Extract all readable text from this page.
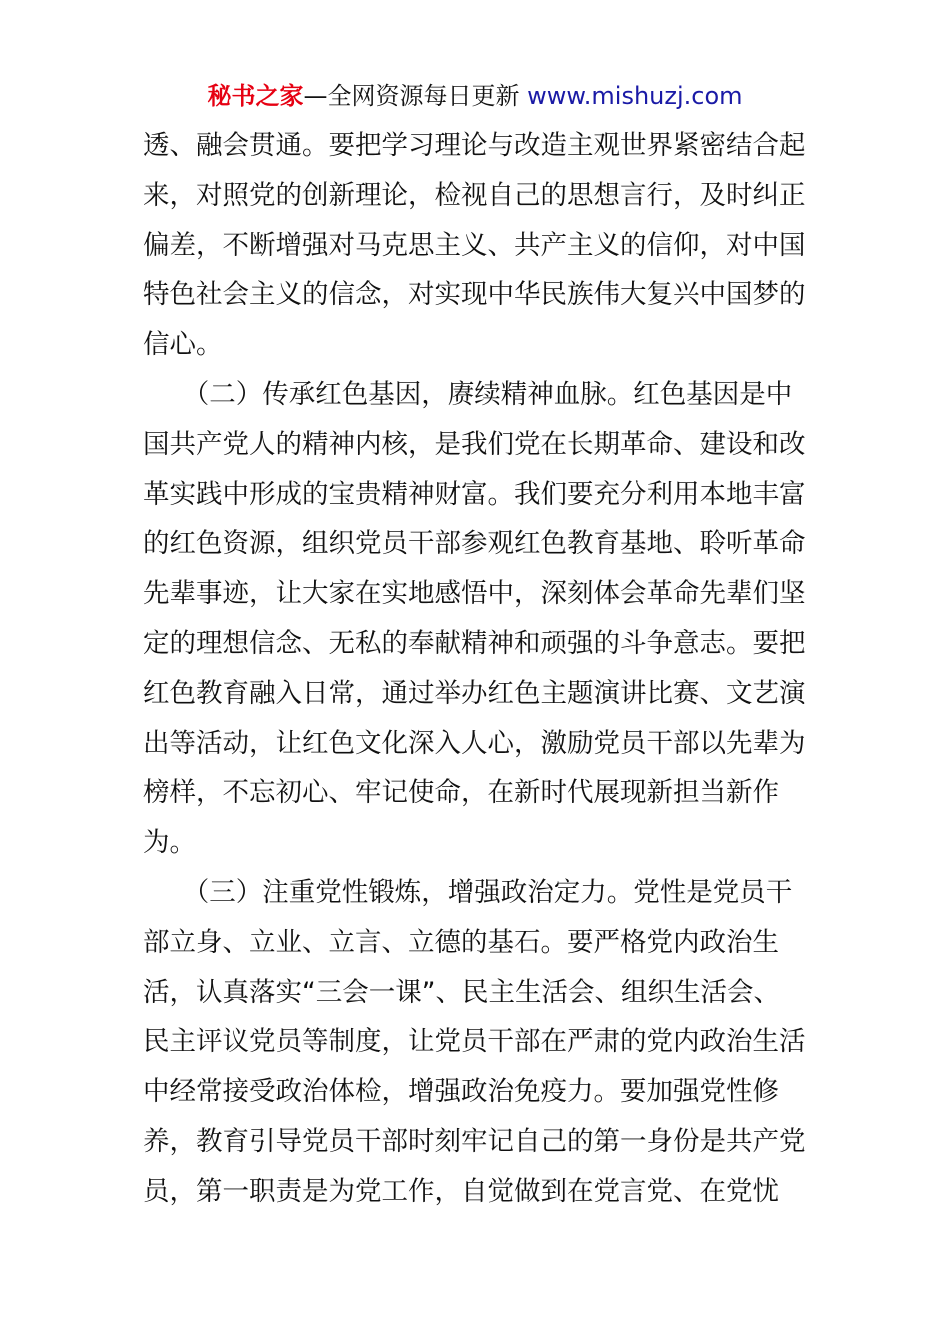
秘书之家—全网资源每日更新 www.mishuzj.com
透、融会贯通。要把学习理论与改造主观世界紧密结合起
来，对照党的创新理论，检视自己的思想言行，及时纠正
偏差，不断增强对马克思主义、共产主义的信仰，对中国
特色社会主义的信念，对实现中华民族伟大复兴中国梦的
信心。
　　（二）传承红色基因，赓续精神血脉。红色基因是中
国共产党人的精神内核，是我们党在长期革命、建设和改
革实践中形成的宝贵精神财富。我们要充分利用本地丰富
的红色资源，组织党员干部参观红色教育基地、聆听革命
先辈事迹，让大家在实地感悟中，深刻体会革命先辈们坚
定的理想信念、无私的奉献精神和顽强的斗争意志。要把
红色教育融入日常，通过举办红色主题演讲比赛、文艺演
出等活动，让红色文化深入人心，激励党员干部以先辈为
榜样，不忘初心、牢记使命，在新时代展现新担当新作
为。
　　（三）注重党性锻炼，增强政治定力。党性是党员干
部立身、立业、立言、立德的基石。要严格党内政治生
活，认真落实“三会一课”、民主生活会、组织生活会、
民主评议党员等制度，让党员干部在严肃的党内政治生活
中经常接受政治体检，增强政治免疫力。要加强党性修
养，教育引导党员干部时刻牢记自己的第一身份是共产党
员，第一职责是为党工作，自觉做到在党言党、在党忧
